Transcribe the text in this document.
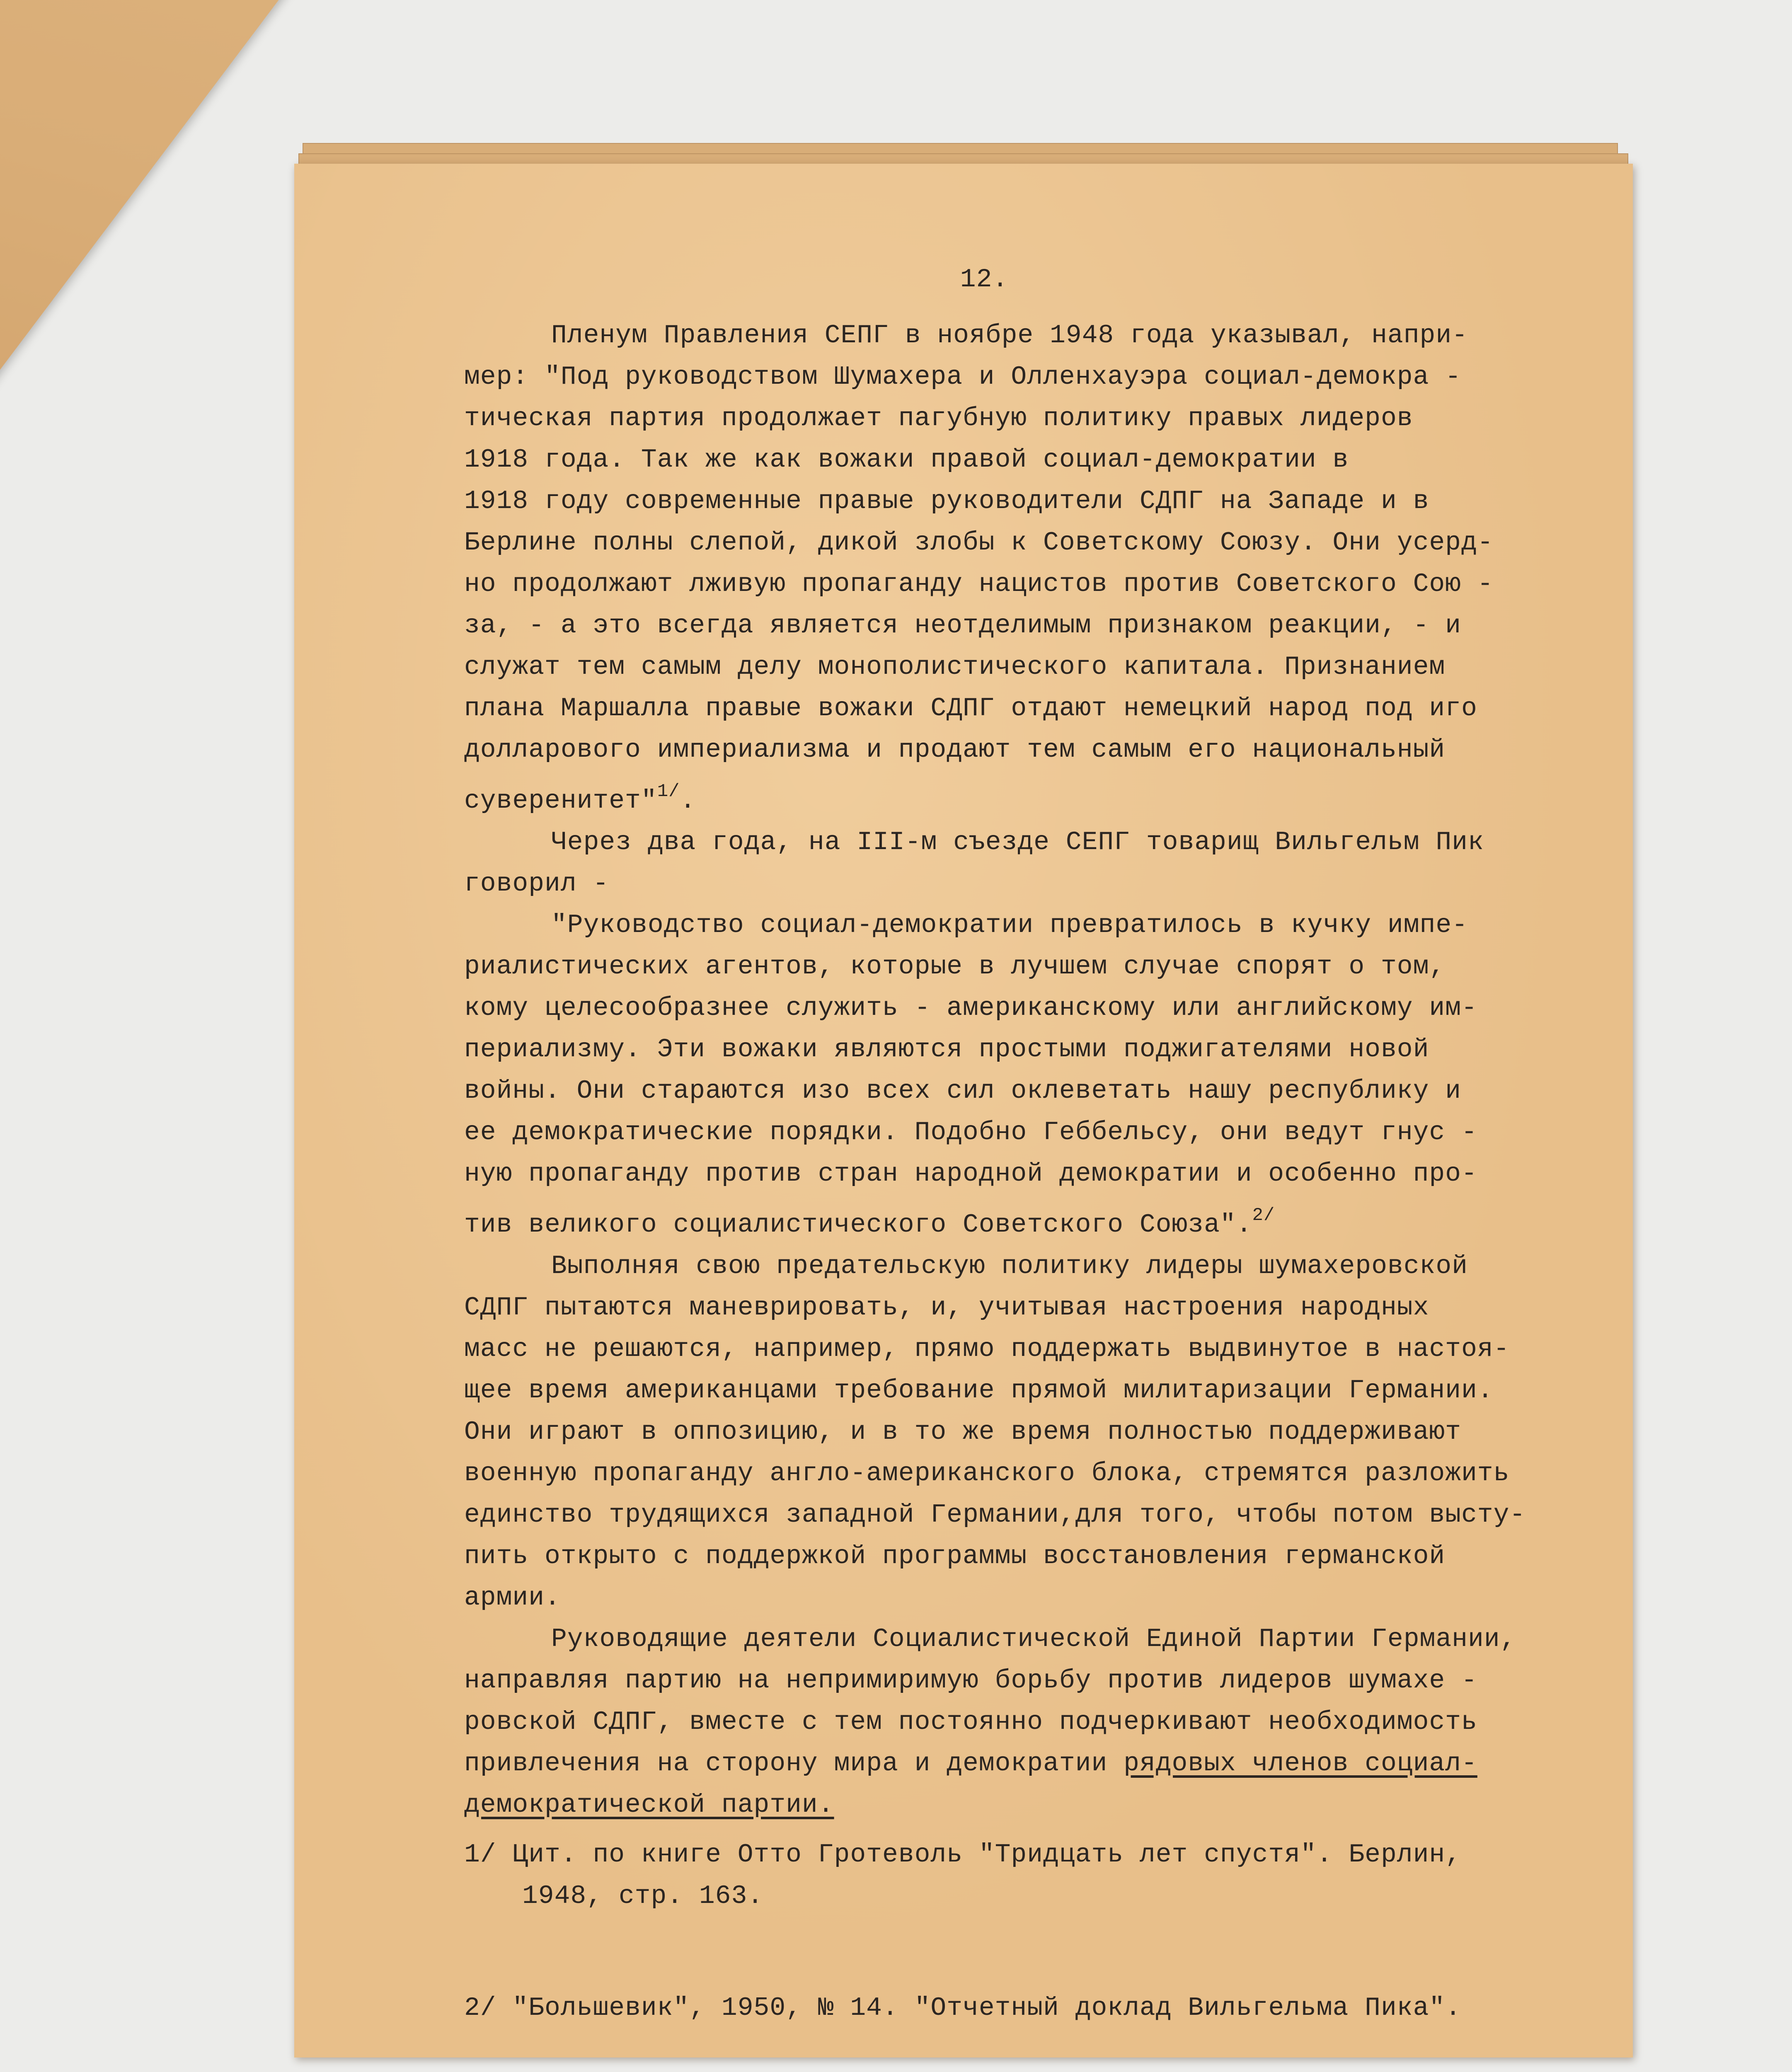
12.

Пленум Правления СЕПГ в ноябре 1948 года указывал, напри-

мер: "Под руководством Шумахера и Олленхауэра социал-демокра -

тическая партия продолжает пагубную политику правых лидеров

1918 года. Так же как вожаки правой социал-демократии в

1918 году современные правые руководители СДПГ на Западе и в

Берлине полны слепой, дикой злобы к Советскому Союзу. Они усерд-

но продолжают лживую пропаганду нацистов против Советского Сою -

за, - а это всегда является неотделимым признаком реакции, - и

служат тем самым делу монополистического капитала. Признанием

плана Маршалла правые вожаки СДПГ отдают немецкий народ под иго

долларового империализма и продают тем самым его национальный

суверенитет"$^{1/}$.

Через два года, на III-м съезде СЕПГ товарищ Вильгельм Пик

говорил -

"Руководство социал-демократии превратилось в кучку импе-

риалистических агентов, которые в лучшем случае спорят о том,

кому целесообразнее служить - американскому или английскому им-

периализму. Эти вожаки являются простыми поджигателями новой

войны. Они стараются изо всех сил оклеветать нашу республику и

ее демократические порядки. Подобно Геббельсу, они ведут гнус -

ную пропаганду против стран народной демократии и особенно про-

тив великого социалистического Советского Союза".$^{2/}$

Выполняя свою предательскую политику лидеры шумахеровской

СДПГ пытаются маневрировать, и, учитывая настроения народных

масс не решаются, например, прямо поддержать выдвинутое в настоя-

щее время американцами требование прямой милитаризации Германии.

Они играют в оппозицию, и в то же время полностью поддерживают

военную пропаганду англо-американского блока, стремятся разложить

единство трудящихся западной Германии,для того, чтобы потом высту-

пить открыто с поддержкой программы восстановления германской

армии.

Руководящие деятели Социалистической Единой Партии Германии,

направляя партию на непримиримую борьбу против лидеров шумахе -

ровской СДПГ, вместе с тем постоянно подчеркивают необходимость

привлечения на сторону мира и демократии рядовых членов социал-

демократической партии.

1/ Цит. по книге Отто Гротеволь "Тридцать лет спустя". Берлин,

1948, стр. 163.

2/ "Большевик", 1950, № 14. "Отчетный доклад Вильгельма Пика".
